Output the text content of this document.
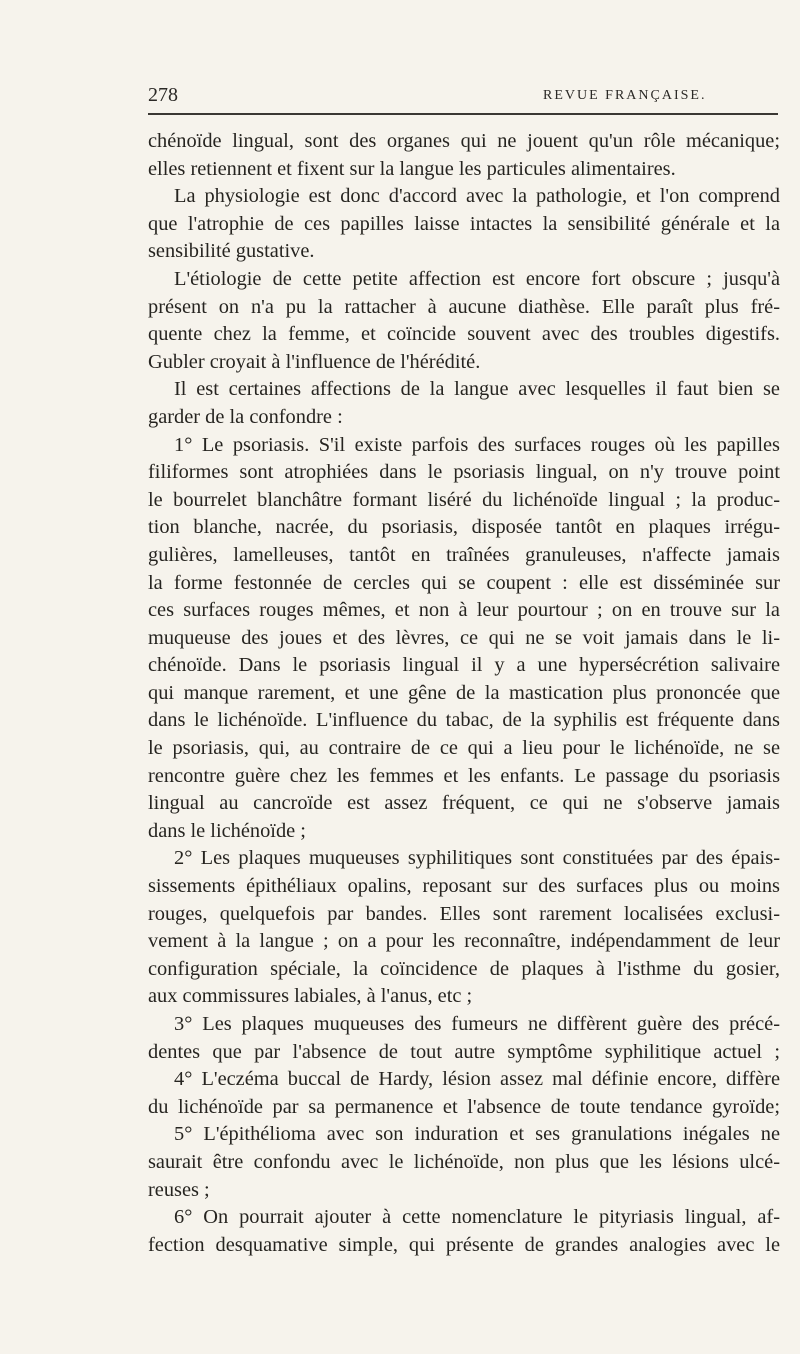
278	REVUE FRANÇAISE.
chénoïde lingual, sont des organes qui ne jouent qu'un rôle mécanique;
elles retiennent et fixent sur la langue les particules alimentaires.
La physiologie est donc d'accord avec la pathologie, et l'on comprend
que l'atrophie de ces papilles laisse intactes la sensibilité générale et la
sensibilité gustative.
L'étiologie de cette petite affection est encore fort obscure ; jusqu'à
présent on n'a pu la rattacher à aucune diathèse. Elle paraît plus fré-
quente chez la femme, et coïncide souvent avec des troubles digestifs.
Gubler croyait à l'influence de l'hérédité.
Il est certaines affections de la langue avec lesquelles il faut bien se
garder de la confondre :
1° Le psoriasis. S'il existe parfois des surfaces rouges où les papilles
filiformes sont atrophiées dans le psoriasis lingual, on n'y trouve point
le bourrelet blanchâtre formant liséré du lichénoïde lingual ; la produc-
tion blanche, nacrée, du psoriasis, disposée tantôt en plaques irrégu-
gulières, lamelleuses, tantôt en traînées granuleuses, n'affecte jamais
la forme festonnée de cercles qui se coupent : elle est disséminée sur
ces surfaces rouges mêmes, et non à leur pourtour ; on en trouve sur la
muqueuse des joues et des lèvres, ce qui ne se voit jamais dans le li-
chénoïde. Dans le psoriasis lingual il y a une hypersécrétion salivaire
qui manque rarement, et une gêne de la mastication plus prononcée que
dans le lichénoïde. L'influence du tabac, de la syphilis est fréquente dans
le psoriasis, qui, au contraire de ce qui a lieu pour le lichénoïde, ne se
rencontre guère chez les femmes et les enfants. Le passage du psoriasis
lingual au cancroïde est assez fréquent, ce qui ne s'observe jamais
dans le lichénoïde ;
2° Les plaques muqueuses syphilitiques sont constituées par des épais-
sissements épithéliaux opalins, reposant sur des surfaces plus ou moins
rouges, quelquefois par bandes. Elles sont rarement localisées exclusi-
vement à la langue ; on a pour les reconnaître, indépendamment de leur
configuration spéciale, la coïncidence de plaques à l'isthme du gosier,
aux commissures labiales, à l'anus, etc ;
3° Les plaques muqueuses des fumeurs ne diffèrent guère des précé-
dentes que par l'absence de tout autre symptôme syphilitique actuel ;
4° L'eczéma buccal de Hardy, lésion assez mal définie encore, diffère
du lichénoïde par sa permanence et l'absence de toute tendance gyroïde;
5° L'épithélioma avec son induration et ses granulations inégales ne
saurait être confondu avec le lichénoïde, non plus que les lésions ulcé-
reuses ;
6° On pourrait ajouter à cette nomenclature le pityriasis lingual, af-
fection desquamative simple, qui présente de grandes analogies avec le
